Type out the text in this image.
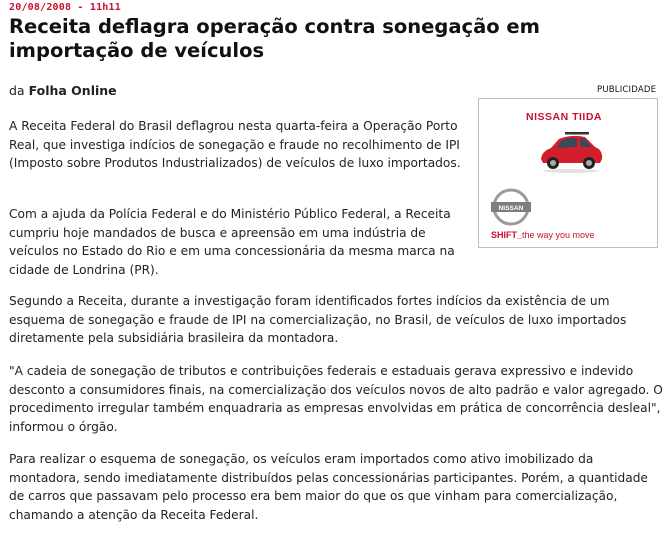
20/08/2008 - 11h11
Receita deflagra operação contra sonegação em importação de veículos
da Folha Online	PUBLICIDADE
NISSAN TIIDA
NISSAN
SHIFT_the way you move

A Receita Federal do Brasil deflagrou nesta quarta-feira a Operação Porto Real, que investiga indícios de sonegação e fraude no recolhimento de IPI (Imposto sobre Produtos Industrializados) de veículos de luxo importados.

Com a ajuda da Polícia Federal e do Ministério Público Federal, a Receita cumpriu hoje mandados de busca e apreensão em uma indústria de veículos no Estado do Rio e em uma concessionária da mesma marca na cidade de Londrina (PR).

Segundo a Receita, durante a investigação foram identificados fortes indícios da existência de um esquema de sonegação e fraude de IPI na comercialização, no Brasil, de veículos de luxo importados diretamente pela subsidiária brasileira da montadora.

"A cadeia de sonegação de tributos e contribuições federais e estaduais gerava expressivo e indevido desconto a consumidores finais, na comercialização dos veículos novos de alto padrão e valor agregado. O procedimento irregular também enquadraria as empresas envolvidas em prática de concorrência desleal", informou o órgão.

Para realizar o esquema de sonegação, os veículos eram importados como ativo imobilizado da montadora, sendo imediatamente distribuídos pelas concessionárias participantes. Porém, a quantidade de carros que passavam pelo processo era bem maior do que os que vinham para comercialização, chamando a atenção da Receita Federal.
